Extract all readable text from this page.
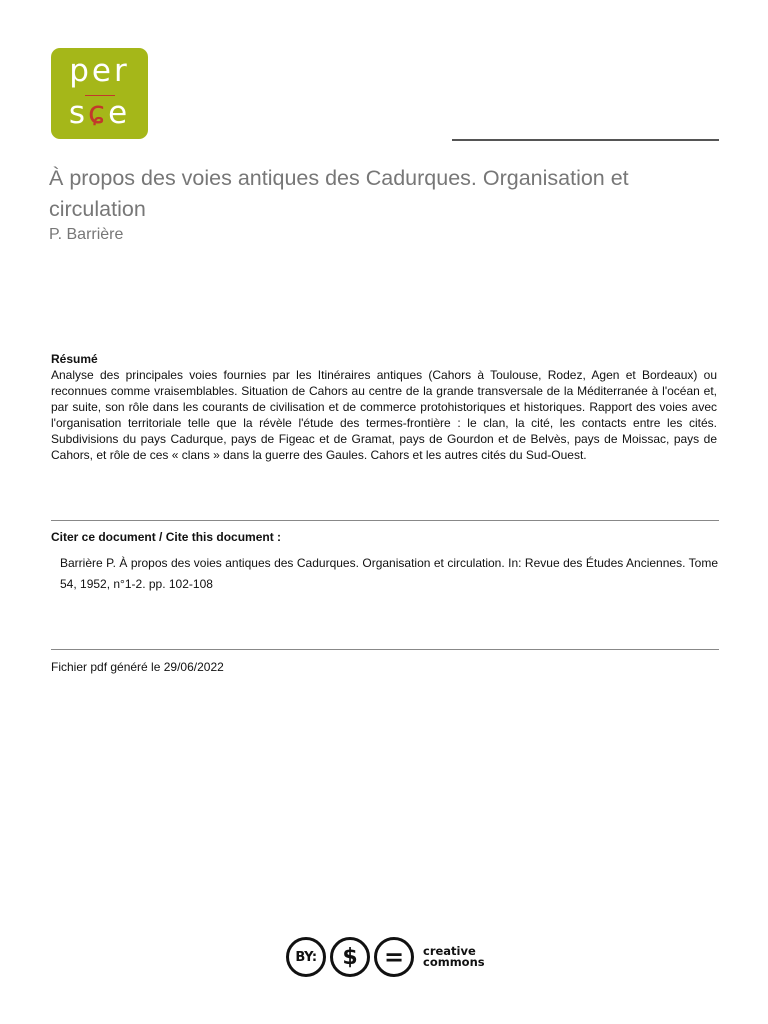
per
sɕe
À propos des voies antiques des Cadurques. Organisation et circulation
P. Barrière
Résumé

Analyse des principales voies fournies par les Itinéraires antiques (Cahors à Toulouse, Rodez, Agen et Bordeaux) ou reconnues comme vraisemblables. Situation de Cahors au centre de la grande transversale de la Méditerranée à l'océan et, par suite, son rôle dans les courants de civilisation et de commerce protohistoriques et historiques. Rapport des voies avec l'organisation territoriale telle que la révèle l'étude des termes-frontière : le clan, la cité, les contacts entre les cités. Subdivisions du pays Cadurque, pays de Figeac et de Gramat, pays de Gourdon et de Belvès, pays de Moissac, pays de Cahors, et rôle de ces « clans » dans la guerre des Gaules. Cahors et les autres cités du Sud-Ouest.

Citer ce document / Cite this document :

Barrière P. À propos des voies antiques des Cadurques. Organisation et circulation. In: Revue des Études Anciennes. Tome 54, 1952, n°1-2. pp. 102-108

Fichier pdf généré le 29/06/2022
BY: $ = creative
commons
